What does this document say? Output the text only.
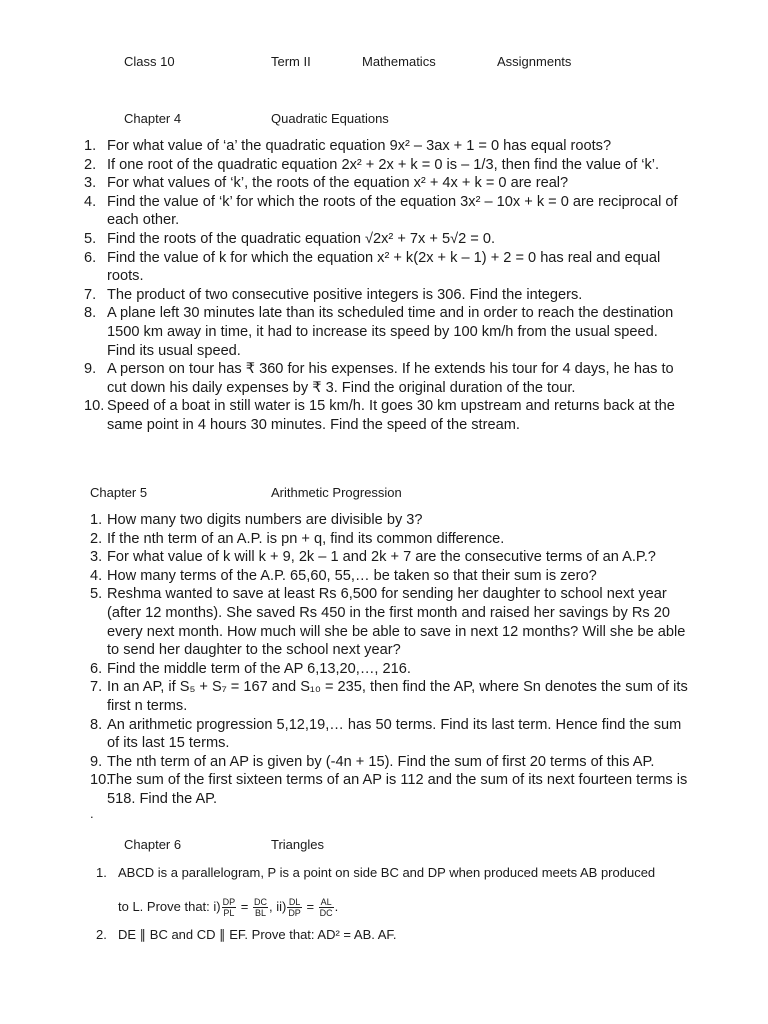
Class 10	Term II	Mathematics	Assignments
Chapter 4	Quadratic Equations
1. For what value of ‘a’ the quadratic equation 9x² – 3ax + 1 = 0 has equal roots?
2. If one root of the quadratic equation 2x² + 2x + k = 0 is – 1/3, then find the value of ‘k’.
3. For what values of ‘k’, the roots of the equation x² + 4x + k = 0 are real?
4. Find the value of ‘k’ for which the roots of the equation 3x² – 10x + k = 0 are reciprocal of each other.
5. Find the roots of the quadratic equation √2x² + 7x + 5√2 = 0.
6. Find the value of k for which the equation x² + k(2x + k – 1) + 2 = 0 has real and equal roots.
7. The product of two consecutive positive integers is 306. Find the integers.
8. A plane left 30 minutes late than its scheduled time and in order to reach the destination 1500 km away in time, it had to increase its speed by 100 km/h from the usual speed. Find its usual speed.
9. A person on tour has ₹ 360 for his expenses. If he extends his tour for 4 days, he has to cut down his daily expenses by ₹ 3. Find the original duration of the tour.
10. Speed of a boat in still water is 15 km/h. It goes 30 km upstream and returns back at the same point in 4 hours 30 minutes. Find the speed of the stream.
Chapter 5	Arithmetic Progression
1. How many two digits numbers are divisible by 3?
2. If the nth term of an A.P. is pn + q, find its common difference.
3. For what value of k will k + 9, 2k – 1 and 2k + 7 are the consecutive terms of an A.P.?
4. How many terms of the A.P. 65,60, 55,… be taken so that their sum is zero?
5. Reshma wanted to save at least Rs 6,500 for sending her daughter to school next year (after 12 months). She saved Rs 450 in the first month and raised her savings by Rs 20 every next month. How much will she be able to save in next 12 months? Will she be able to send her daughter to the school next year?
6. Find the middle term of the AP 6,13,20,…, 216.
7. In an AP, if S₅ + S₇ = 167 and S₁₀ = 235, then find the AP, where Sn denotes the sum of its first n terms.
8. An arithmetic progression 5,12,19,… has 50 terms. Find its last term. Hence find the sum of its last 15 terms.
9. The nth term of an AP is given by (-4n + 15). Find the sum of first 20 terms of this AP.
10.
The sum of the first sixteen terms of an AP is 112 and the sum of its next fourteen terms is 518. Find the AP.
.
Chapter 6	Triangles
1. ABCD is a parallelogram, P is a point on side BC and DP when produced meets AB produced
to L. Prove that: $i) \frac{DP}{PL} = \frac{DC}{BL}$ , $ii) \frac{DL}{DP} = \frac{AL}{DC}$ .
2. DE ∥ BC and CD ∥ EF. Prove that: AD² = AB. AF.
